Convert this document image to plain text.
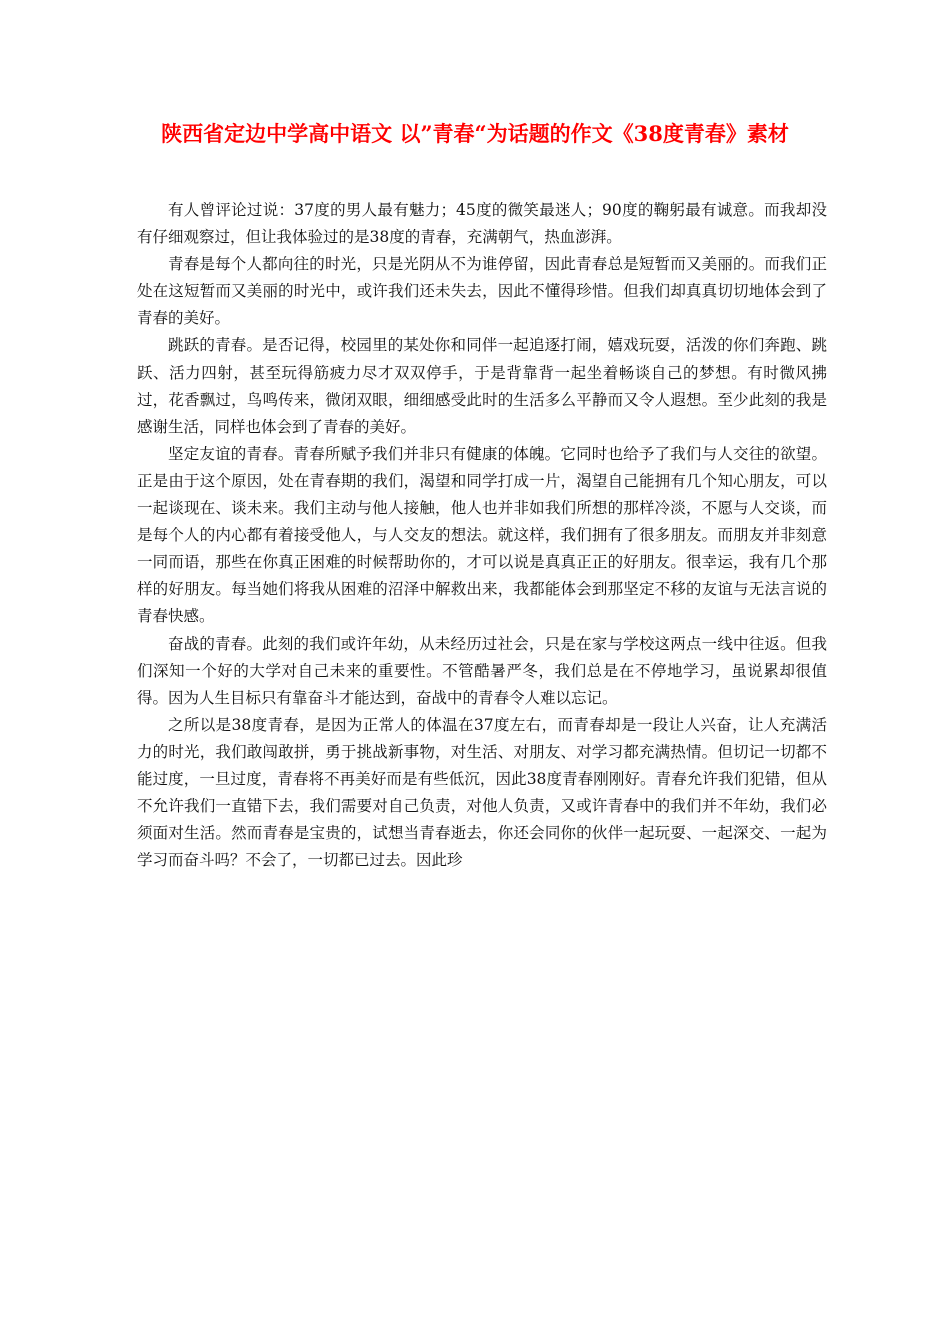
陕西省定边中学高中语文 以”青春“为话题的作文《38度青春》素材

有人曾评论过说：37度的男人最有魅力；45度的微笑最迷人；90度的鞠躬最有诚意。而我却没有仔细观察过，但让我体验过的是38度的青春，充满朝气，热血澎湃。

青春是每个人都向往的时光，只是光阴从不为谁停留，因此青春总是短暂而又美丽的。而我们正处在这短暂而又美丽的时光中，或许我们还未失去，因此不懂得珍惜。但我们却真真切切地体会到了青春的美好。

跳跃的青春。是否记得，校园里的某处你和同伴一起追逐打闹，嬉戏玩耍，活泼的你们奔跑、跳跃、活力四射，甚至玩得筋疲力尽才双双停手，于是背靠背一起坐着畅谈自己的梦想。有时微风拂过，花香飘过，鸟鸣传来，微闭双眼，细细感受此时的生活多么平静而又令人遐想。至少此刻的我是感谢生活，同样也体会到了青春的美好。

坚定友谊的青春。青春所赋予我们并非只有健康的体魄。它同时也给予了我们与人交往的欲望。正是由于这个原因，处在青春期的我们，渴望和同学打成一片，渴望自己能拥有几个知心朋友，可以一起谈现在、谈未来。我们主动与他人接触，他人也并非如我们所想的那样冷淡，不愿与人交谈，而是每个人的内心都有着接受他人，与人交友的想法。就这样，我们拥有了很多朋友。而朋友并非刻意一同而语，那些在你真正困难的时候帮助你的，才可以说是真真正正的好朋友。很幸运，我有几个那样的好朋友。每当她们将我从困难的沼泽中解救出来，我都能体会到那坚定不移的友谊与无法言说的青春快感。

奋战的青春。此刻的我们或许年幼，从未经历过社会，只是在家与学校这两点一线中往返。但我们深知一个好的大学对自己未来的重要性。不管酷暑严冬，我们总是在不停地学习，虽说累却很值得。因为人生目标只有靠奋斗才能达到，奋战中的青春令人难以忘记。

之所以是38度青春，是因为正常人的体温在37度左右，而青春却是一段让人兴奋，让人充满活力的时光，我们敢闯敢拼，勇于挑战新事物，对生活、对朋友、对学习都充满热情。但切记一切都不能过度，一旦过度，青春将不再美好而是有些低沉，因此38度青春刚刚好。青春允许我们犯错，但从不允许我们一直错下去，我们需要对自己负责，对他人负责，又或许青春中的我们并不年幼，我们必须面对生活。然而青春是宝贵的，试想当青春逝去，你还会同你的伙伴一起玩耍、一起深交、一起为学习而奋斗吗？不会了，一切都已过去。因此珍
